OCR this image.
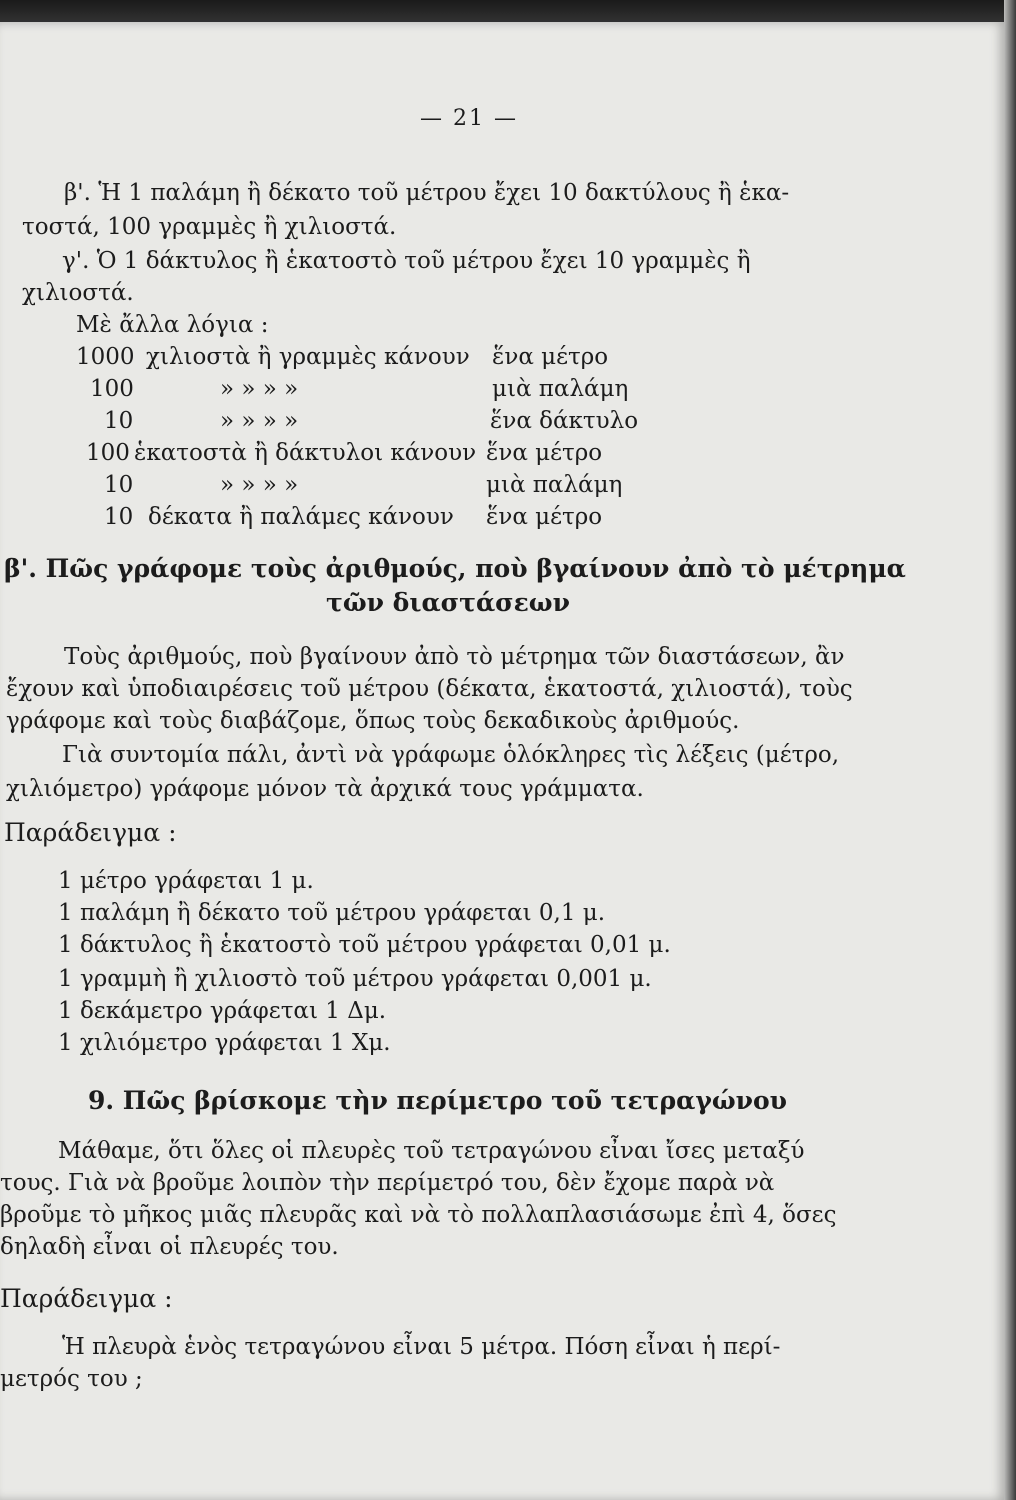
— 21 —
β'. Ἡ 1 παλάμη ἢ δέκατο τοῦ μέτρου ἔχει 10 δακτύλους ἢ ἑκα-
τοστά, 100 γραμμὲς ἢ χιλιοστά.
γ'. Ὁ 1 δάκτυλος ἢ ἑκατοστὸ τοῦ μέτρου ἔχει 10 γραμμὲς ἢ
χιλιοστά.
Μὲ ἄλλα λόγια :
1000 χιλιοστὰ ἢ γραμμὲς κάνουν ἕνα μέτρο
100	» » » »	μιὰ παλάμη
10	» » » »	ἕνα δάκτυλο
100 ἑκατοστὰ ἢ δάκτυλοι κάνουν ἕνα μέτρο
10	» » » »	μιὰ παλάμη
10 δέκατα ἢ παλάμες κάνουν ἕνα μέτρο
β'. Πῶς γράφομε τοὺς ἀριθμούς, ποὺ βγαίνουν ἀπὸ τὸ μέτρημα
τῶν διαστάσεων
Τοὺς ἀριθμούς, ποὺ βγαίνουν ἀπὸ τὸ μέτρημα τῶν διαστάσεων, ἂν
ἔχουν καὶ ὑποδιαιρέσεις τοῦ μέτρου (δέκατα, ἑκατοστά, χιλιοστά), τοὺς
γράφομε καὶ τοὺς διαβάζομε, ὅπως τοὺς δεκαδικοὺς ἀριθμούς.
Γιὰ συντομία πάλι, ἀντὶ νὰ γράφωμε ὁλόκληρες τὶς λέξεις (μέτρο,
χιλιόμετρο) γράφομε μόνον τὰ ἀρχικά τους γράμματα.
Παράδειγμα :
1 μέτρο γράφεται 1 μ.
1 παλάμη ἢ δέκατο τοῦ μέτρου γράφεται 0,1 μ.
1 δάκτυλος ἢ ἑκατοστὸ τοῦ μέτρου γράφεται 0,01 μ.
1 γραμμὴ ἢ χιλιοστὸ τοῦ μέτρου γράφεται 0,001 μ.
1 δεκάμετρο γράφεται 1 Δμ.
1 χιλιόμετρο γράφεται 1 Χμ.
9. Πῶς βρίσκομε τὴν περίμετρο τοῦ τετραγώνου
Μάθαμε, ὅτι ὅλες οἱ πλευρὲς τοῦ τετραγώνου εἶναι ἴσες μεταξύ
τους. Γιὰ νὰ βροῦμε λοιπὸν τὴν περίμετρό του, δὲν ἔχομε παρὰ νὰ
βροῦμε τὸ μῆκος μιᾶς πλευρᾶς καὶ νὰ τὸ πολλαπλασιάσωμε ἐπὶ 4, ὅσες
δηλαδὴ εἶναι οἱ πλευρές του.
Παράδειγμα :
Ἡ πλευρὰ ἑνὸς τετραγώνου εἶναι 5 μέτρα. Πόση εἶναι ἡ περί-
μετρός του ;
